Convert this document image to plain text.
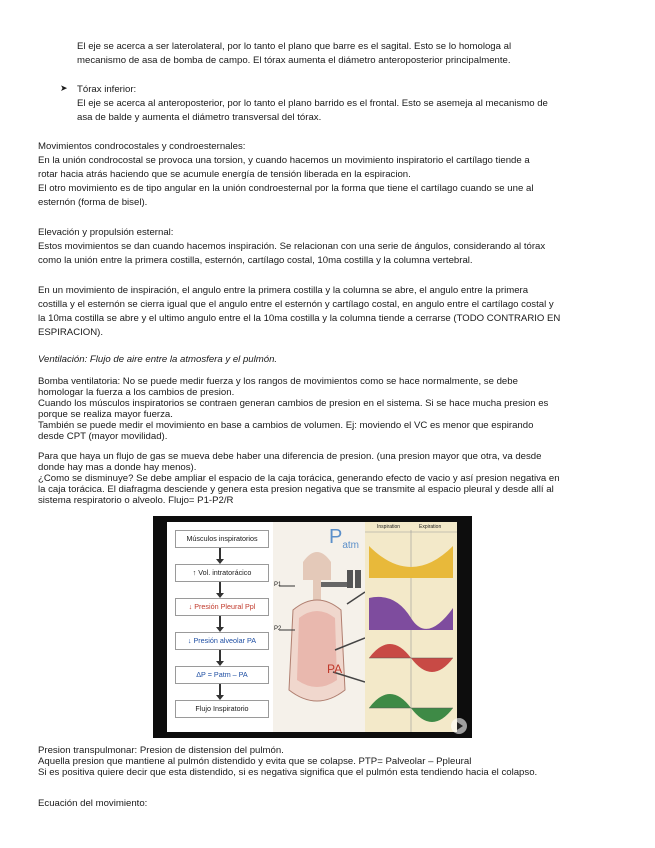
El eje se acerca a ser laterolateral, por lo tanto el plano que barre es el sagital. Esto se lo homologa al
mecanismo de asa de bomba de campo. El tórax aumenta el diámetro anteroposterior principalmente.
Tórax inferior:
El eje se acerca al anteroposterior, por lo tanto el plano barrido es el frontal. Esto se asemeja al mecanismo de
asa de balde y aumenta el diámetro transversal del tórax.
Movimientos condrocostales y condroesternales:
En la unión condrocostal se provoca una torsion, y cuando hacemos un movimiento inspiratorio el cartílago tiende a
rotar hacia atrás haciendo que se acumule energía de tensión liberada en la espiracion.
El otro movimiento es de tipo angular en la unión condroesternal por la forma que tiene el cartílago cuando se une al
esternón (forma de bisel).
Elevación y propulsión esternal:
Estos movimientos se dan cuando hacemos inspiración. Se relacionan con una serie de ángulos, considerando al tórax
como la unión entre la primera costilla, esternón, cartílago costal, 10ma costilla y la columna vertebral.
En un movimiento de inspiración, el angulo entre la primera costilla y la columna se abre, el angulo entre la primera
costilla y el esternón se cierra igual que el angulo entre el esternón y cartílago costal, en angulo entre el cartílago costal y
la 10ma costilla se abre y el ultimo angulo entre el la 10ma costilla y la columna tiende a cerrarse (TODO CONTRARIO EN
ESPIRACION).
Ventilación: Flujo de aire entre la atmosfera y el pulmón.
Bomba ventilatoria: No se puede medir fuerza y los rangos de movimientos como se hace normalmente, se debe
homologar la fuerza a los cambios de presion.
Cuando los músculos inspiratorios se contraen generan cambios de presion en el sistema. Si se hace mucha presion es
porque se realiza mayor fuerza.
También se puede medir el movimiento en base a cambios de volumen. Ej: moviendo el VC es menor que espirando
desde CPT (mayor movilidad).
Para que haya un flujo de gas se mueva debe haber una diferencia de presion. (una presion mayor que otra, va desde
donde hay mas a donde hay menos).
¿Como se disminuye? Se debe ampliar el espacio de la caja torácica, generando efecto de vacio y así presion negativa en
la caja torácica. El diafragma desciende y genera esta presion negativa que se transmite al espacio pleural y desde allí al
sistema respiratorio o alveolo. Flujo= P1-P2/R
Presion transpulmonar: Presion de distension del pulmón.
Aquella presion que mantiene al pulmón distendido y evita que se colapse. PTP= Palveolar – Ppleural
Si es positiva quiere decir que esta distendido, si es negativa significa que el pulmón esta tendiendo hacia el colapso.
Ecuación del movimiento:
➤
Músculos inspiratorios
↑ Vol. intratorácico
↓ Presión Pleural Ppl
↓ Presión alveolar PA
ΔP = Patm – PA
Flujo Inspiratorio
$P_{atm}$
P1
P2
PA
Inspiration	Expiration
